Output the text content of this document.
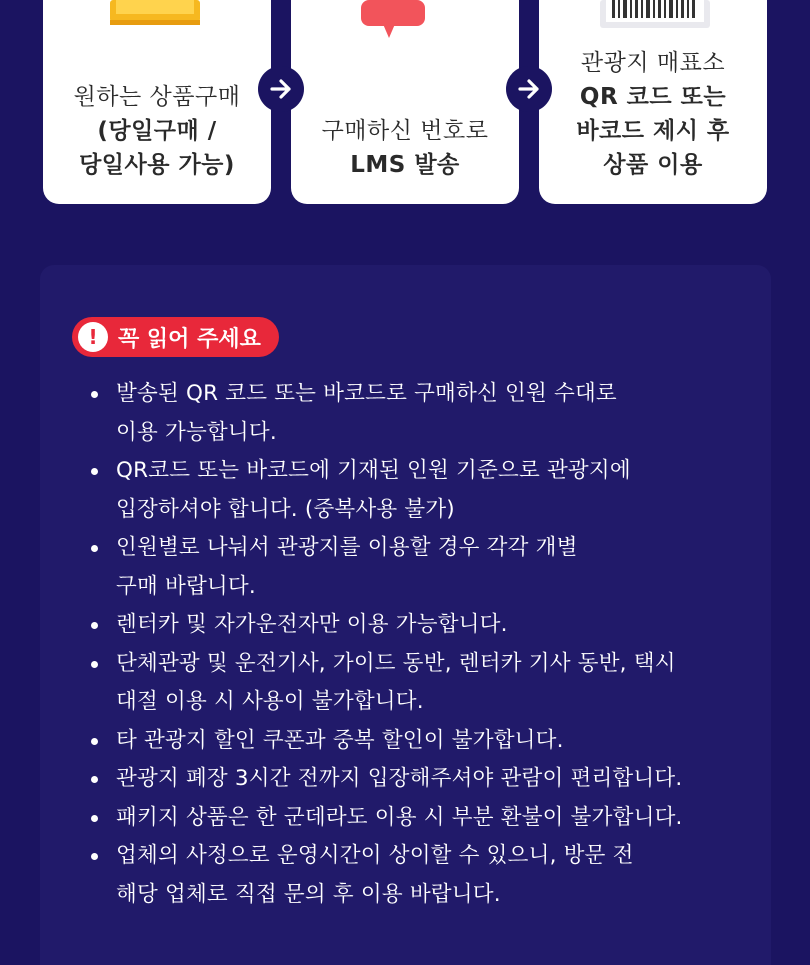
원하는 상품구매
(당일구매 /
당일사용 가능)
구매하신 번호로
LMS 발송
관광지 매표소
QR 코드 또는
바코드 제시 후
상품 이용
! 꼭 읽어 주세요
발송된 QR 코드 또는 바코드로 구매하신 인원 수대로
이용 가능합니다.
QR코드 또는 바코드에 기재된 인원 기준으로 관광지에
입장하셔야 합니다. (중복사용 불가)
인원별로 나눠서 관광지를 이용할 경우 각각 개별
구매 바랍니다.
렌터카 및 자가운전자만 이용 가능합니다.
단체관광 및 운전기사, 가이드 동반, 렌터카 기사 동반, 택시
대절 이용 시 사용이 불가합니다.
타 관광지 할인 쿠폰과 중복 할인이 불가합니다.
관광지 폐장 3시간 전까지 입장해주셔야 관람이 편리합니다.
패키지 상품은 한 군데라도 이용 시 부분 환불이 불가합니다.
업체의 사정으로 운영시간이 상이할 수 있으니, 방문 전
해당 업체로 직접 문의 후 이용 바랍니다.
